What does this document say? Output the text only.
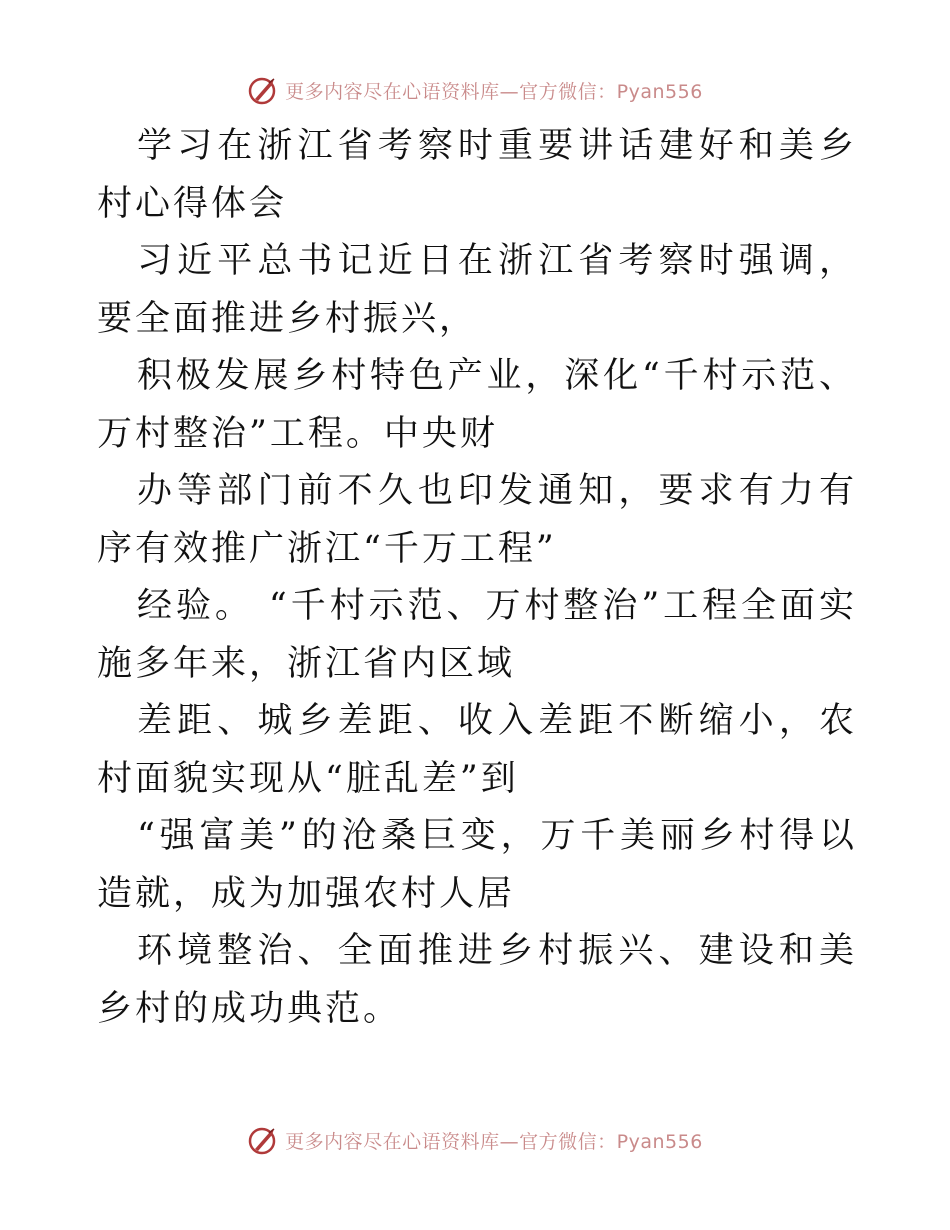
更多内容尽在心语资料库—官方微信：Pyan556

学习在浙江省考察时重要讲话建好和美乡村心得体会

习近平总书记近日在浙江省考察时强调，要全面推进乡村振兴，

积极发展乡村特色产业，深化“千村示范、万村整治”工程。中央财

办等部门前不久也印发通知，要求有力有序有效推广浙江“千万工程”

经验。 “千村示范、万村整治”工程全面实施多年来，浙江省内区域

差距、城乡差距、收入差距不断缩小，农村面貌实现从“脏乱差”到

“强富美”的沧桑巨变，万千美丽乡村得以造就，成为加强农村人居

环境整治、全面推进乡村振兴、建设和美乡村的成功典范。

更多内容尽在心语资料库—官方微信：Pyan556
